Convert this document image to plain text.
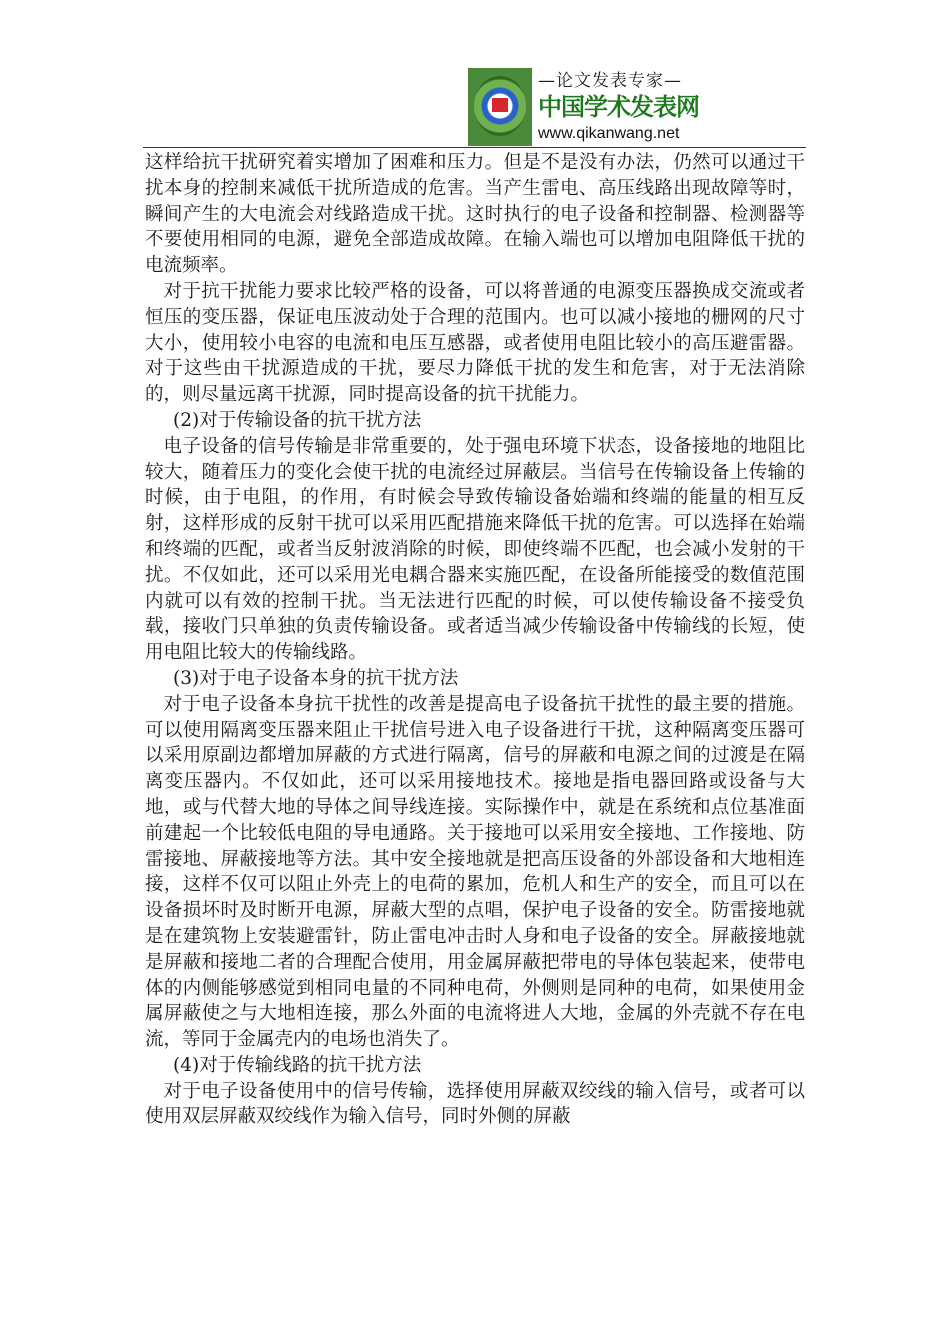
—论文发表专家—
中国学术发表网
www.qikanwang.net

这样给抗干扰研究着实增加了困难和压力。但是不是没有办法，仍然可以通过干扰本身的控制来减低干扰所造成的危害。当产生雷电、高压线路出现故障等时，瞬间产生的大电流会对线路造成干扰。这时执行的电子设备和控制器、检测器等不要使用相同的电源，避免全部造成故障。在输入端也可以增加电阻降低干扰的电流频率。

对于抗干扰能力要求比较严格的设备，可以将普通的电源变压器换成交流或者恒压的变压器，保证电压波动处于合理的范围内。也可以减小接地的栅网的尺寸大小，使用较小电容的电流和电压互感器，或者使用电阻比较小的高压避雷器。对于这些由干扰源造成的干扰，要尽力降低干扰的发生和危害，对于无法消除的，则尽量远离干扰源，同时提高设备的抗干扰能力。

(2)对于传输设备的抗干扰方法

电子设备的信号传输是非常重要的，处于强电环境下状态，设备接地的地阻比较大，随着压力的变化会使干扰的电流经过屏蔽层。当信号在传输设备上传输的时候，由于电阻，的作用，有时候会导致传输设备始端和终端的能量的相互反射，这样形成的反射干扰可以采用匹配措施来降低干扰的危害。可以选择在始端和终端的匹配，或者当反射波消除的时候，即使终端不匹配，也会减小发射的干扰。不仅如此，还可以采用光电耦合器来实施匹配，在设备所能接受的数值范围内就可以有效的控制干扰。当无法进行匹配的时候，可以使传输设备不接受负载，接收门只单独的负责传输设备。或者适当减少传输设备中传输线的长短，使用电阻比较大的传输线路。

(3)对于电子设备本身的抗干扰方法

对于电子设备本身抗干扰性的改善是提高电子设备抗干扰性的最主要的措施。可以使用隔离变压器来阻止干扰信号进入电子设备进行干扰，这种隔离变压器可以采用原副边都增加屏蔽的方式进行隔离，信号的屏蔽和电源之间的过渡是在隔离变压器内。不仅如此，还可以采用接地技术。接地是指电器回路或设备与大地，或与代替大地的导体之间导线连接。实际操作中，就是在系统和点位基准面前建起一个比较低电阻的导电通路。关于接地可以采用安全接地、工作接地、防雷接地、屏蔽接地等方法。其中安全接地就是把高压设备的外部设备和大地相连接，这样不仅可以阻止外壳上的电荷的累加，危机人和生产的安全，而且可以在设备损坏时及时断开电源，屏蔽大型的点唱，保护电子设备的安全。防雷接地就是在建筑物上安装避雷针，防止雷电冲击时人身和电子设备的安全。屏蔽接地就是屏蔽和接地二者的合理配合使用，用金属屏蔽把带电的导体包装起来，使带电体的内侧能够感觉到相同电量的不同种电荷，外侧则是同种的电荷，如果使用金属屏蔽使之与大地相连接，那么外面的电流将进人大地，金属的外壳就不存在电流，等同于金属壳内的电场也消失了。

(4)对于传输线路的抗干扰方法

对于电子设备使用中的信号传输，选择使用屏蔽双绞线的输入信号，或者可以使用双层屏蔽双绞线作为输入信号，同时外侧的屏蔽
